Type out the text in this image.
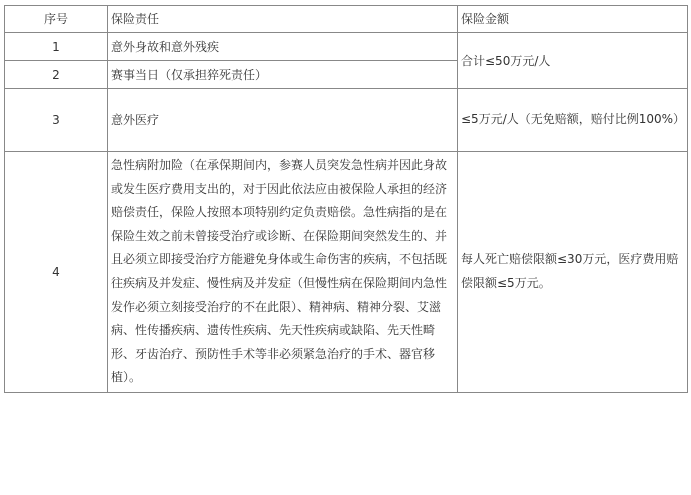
序号	保险责任	保险金额
1	意外身故和意外残疾	合计≤50万元/人
2	赛事当日（仅承担猝死责任）	
3	意外医疗	≤5万元/人（无免赔额，赔付比例100%）
4	急性病附加险（在承保期间内，参赛人员突发急性病并因此身故或发生医疗费用支出的，对于因此依法应由被保险人承担的经济赔偿责任，保险人按照本项特别约定负责赔偿。急性病指的是在保险生效之前未曾接受治疗或诊断、在保险期间突然发生的、并且必须立即接受治疗方能避免身体或生命伤害的疾病，不包括既往疾病及并发症、慢性病及并发症（但慢性病在保险期间内急性发作必须立刻接受治疗的不在此限）、精神病、精神分裂、艾滋病、性传播疾病、遗传性疾病、先天性疾病或缺陷、先天性畸形、牙齿治疗、预防性手术等非必须紧急治疗的手术、器官移植）。	每人死亡赔偿限额≤30万元，医疗费用赔偿限额≤5万元。
